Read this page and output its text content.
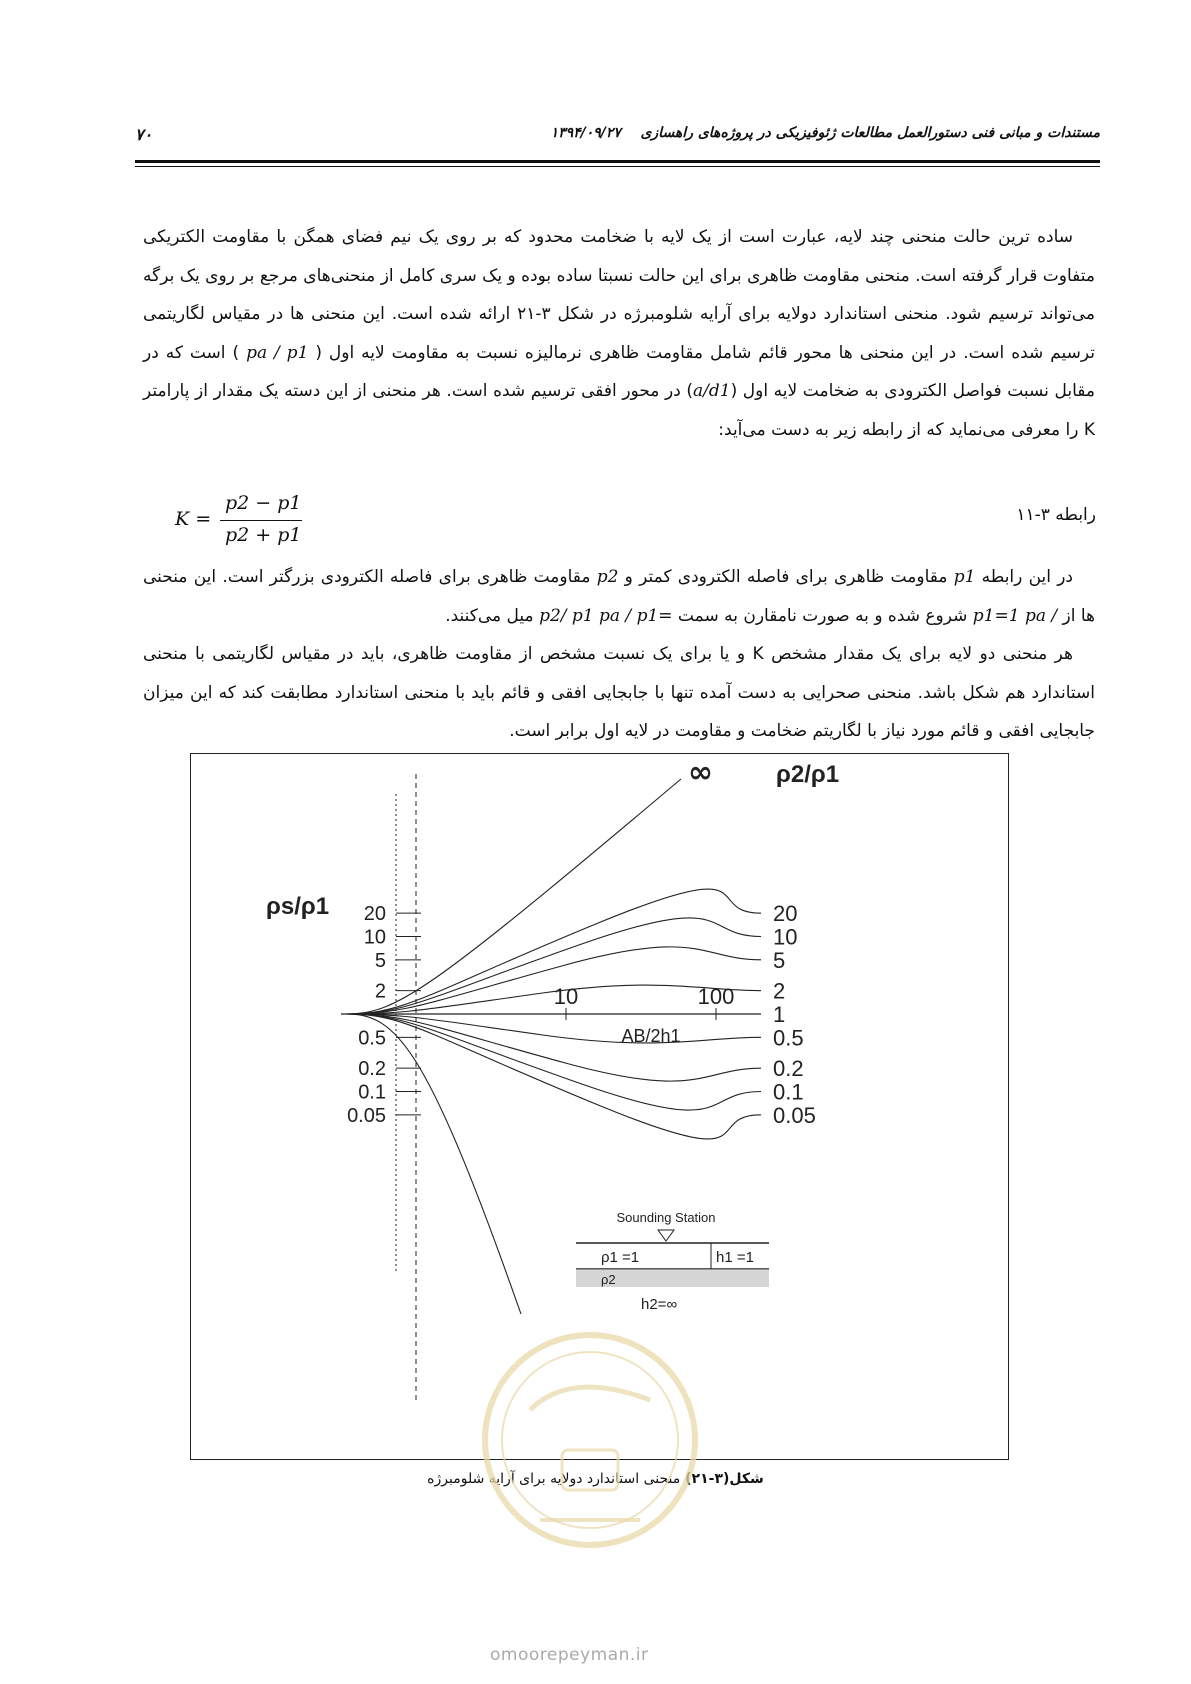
۷۰	مستندات و مبانی فنی دستورالعمل مطالعات ژئوفیزیکی در پروژه‌های راهسازی    ۱۳۹۴/۰۹/۲۷

ساده ترین حالت منحنی چند لایه، عبارت است از یک لایه با ضخامت محدود که بر روی یک نیم فضای همگن با مقاومت الکتریکی متفاوت قرار گرفته است. منحنی مقاومت ظاهری برای این حالت نسبتا ساده بوده و یک سری کامل از منحنی‌های مرجع بر روی یک برگه می‌تواند ترسیم شود. منحنی استاندارد دولایه برای آرایه شلومبرژه در شکل ۳-۲۱ ارائه شده است. این منحنی ها در مقیاس لگاریتمی ترسیم شده است. در این منحنی ها محور قائم شامل مقاومت ظاهری نرمالیزه نسبت به مقاومت لایه اول ( pa / p1 ) است که در مقابل نسبت فواصل الکترودی به ضخامت لایه اول (a/d1) در محور افقی ترسیم شده است. هر منحنی از این دسته یک مقدار از پارامتر K را معرفی می‌نماید که از رابطه زیر به دست می‌آید:

K =
p2 − p1
p2 + p1
رابطه ۳-۱۱

در این رابطه p1 مقاومت ظاهری برای فاصله الکترودی کمتر و p2 مقاومت ظاهری برای فاصله الکترودی بزرگتر است. این منحنی ها از p1=1 pa / شروع شده و به صورت نامقارن به سمت p2/ p1 pa / p1= میل می‌کنند.

هر منحنی دو لایه برای یک مقدار مشخص K و یا برای یک نسبت مشخص از مقاومت ظاهری، باید در مقیاس لگاریتمی با منحنی استاندارد هم شکل باشد. منحنی صحرایی به دست آمده تنها با جابجایی افقی و قائم باید با منحنی استاندارد مطابقت کند که این میزان جابجایی افقی و قائم مورد نیاز با لگاریتم ضخامت و مقاومت در لایه اول برابر است.

20
10
5
2
0.5
0.2
0.1
0.05
10	100
AB/2h1
ρs/ρ1
ρ2/ρ1
∞
20
10
5
2
1
0.5
0.2
0.1
0.05
Sounding Station
ρ1 =1	h1 =1
ρ2
h2=∞
شکل(۳-۲۱) منحنی استاندارد دولایه برای آرایه شلومبرژه
omoorepeyman.ir
